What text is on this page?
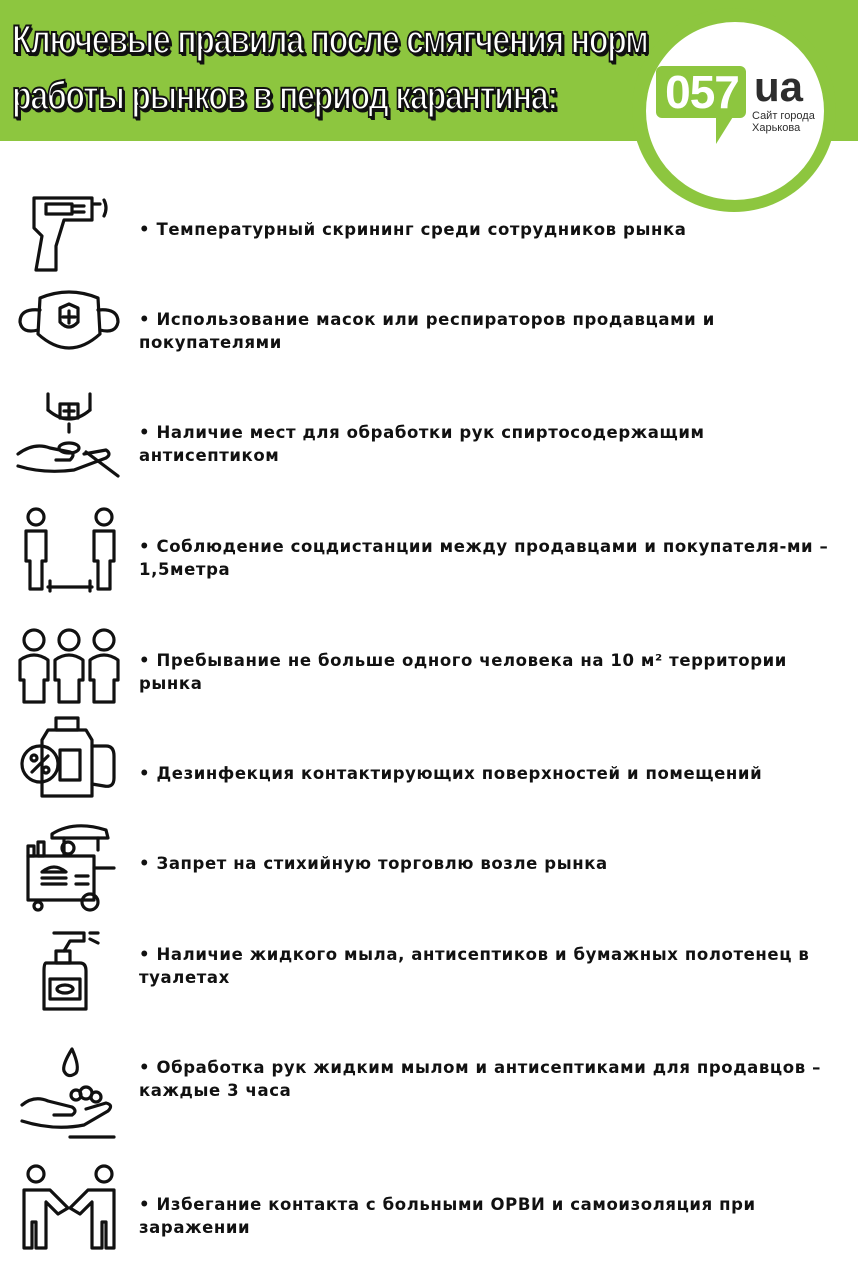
Ключевые правила после смягчения норм
работы рынков в период карантина: 057 ua
Сайт города Харькова
• Температурный скрининг среди сотрудников рынка
• Использование масок или респираторов продавцами и покупателями
• Наличие мест для обработки рук спиртосодержащим антисептиком
• Соблюдение соцдистанции между продавцами и покупателя-ми – 1,5метра
• Пребывание не больше одного человека на 10 м² территории рынка
• Дезинфекция контактирующих поверхностей и помещений
• Запрет на стихийную торговлю возле рынка
• Наличие жидкого мыла, антисептиков и бумажных полотенец в туалетах
• Обработка рук жидким мылом и антисептиками для продавцов – каждые 3 часа
• Избегание контакта с больными ОРВИ и самоизоляция при заражении
